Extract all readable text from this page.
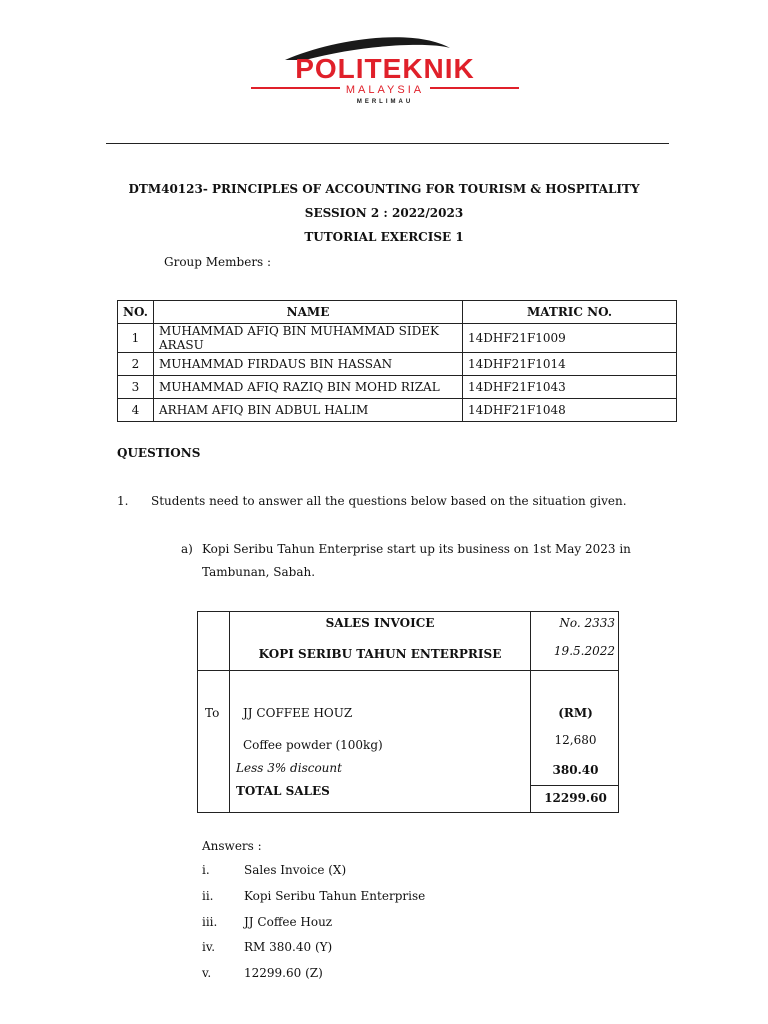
POLITEKNIK
MALAYSIA
MERLIMAU
DTM40123- PRINCIPLES OF ACCOUNTING FOR TOURISM & HOSPITALITY
SESSION 2 : 2022/2023
TUTORIAL EXERCISE 1
Group Members :
NO.	NAME	MATRIC NO.
1	MUHAMMAD AFIQ BIN MUHAMMAD SIDEK ARASU	14DHF21F1009
2	MUHAMMAD FIRDAUS BIN HASSAN	14DHF21F1014
3	MUHAMMAD AFIQ RAZIQ BIN MOHD RIZAL	14DHF21F1043
4	ARHAM AFIQ BIN ADBUL HALIM	14DHF21F1048
QUESTIONS
1. Students need to answer all the questions below based on the situation given.
a) Kopi Seribu Tahun Enterprise start up its business on 1st May 2023 in
Tambunan, Sabah.
SALES INVOICE
KOPI SERIBU TAHUN ENTERPRISE
No. 2333
19.5.2022
To JJ COFFEE HOUZ	(RM)
Coffee powder (100kg)	12,680
Less 3% discount	380.40
TOTAL SALES	12299.60
Answers :
i.	Sales Invoice (X)
ii.	Kopi Seribu Tahun Enterprise
iii. JJ Coffee Houz
iv. RM 380.40 (Y)
v.	12299.60 (Z)
